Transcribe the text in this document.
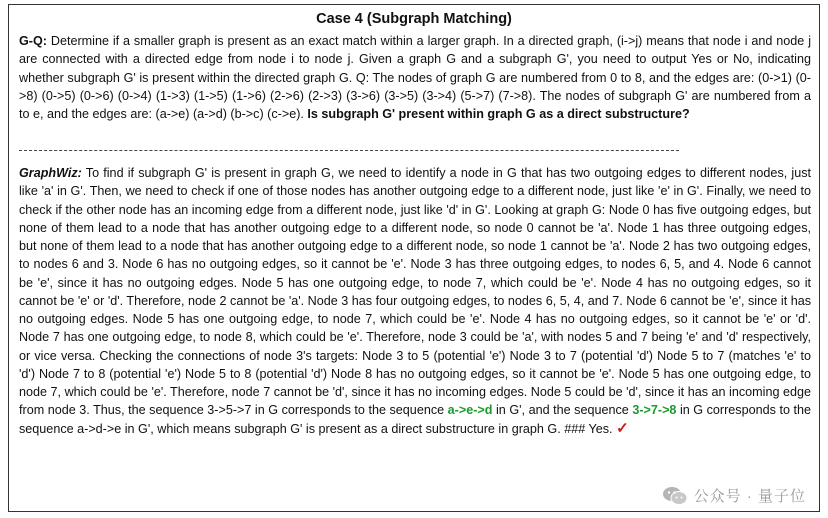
Case 4 (Subgraph Matching)
G-Q: Determine if a smaller graph is present as an exact match within a larger graph. In a directed graph, (i->j) means that node i and node j are connected with a directed edge from node i to node j. Given a graph G and a subgraph G', you need to output Yes or No, indicating whether subgraph G' is present within the directed graph G. Q: The nodes of graph G are numbered from 0 to 8, and the edges are: (0->1) (0->8) (0->5) (0->6) (0->4) (1->3) (1->5) (1->6) (2->6) (2->3) (3->6) (3->5) (3->4) (5->7) (7->8). The nodes of subgraph G' are numbered from a to e, and the edges are: (a->e) (a->d) (b->c) (c->e). Is subgraph G' present within graph G as a direct substructure?
GraphWiz: To find if subgraph G' is present in graph G, we need to identify a node in G that has two outgoing edges to different nodes, just like 'a' in G'. Then, we need to check if one of those nodes has another outgoing edge to a different node, just like 'e' in G'. Finally, we need to check if the other node has an incoming edge from a different node, just like 'd' in G'. Looking at graph G: Node 0 has five outgoing edges, but none of them lead to a node that has another outgoing edge to a different node, so node 0 cannot be 'a'. Node 1 has three outgoing edges, but none of them lead to a node that has another outgoing edge to a different node, so node 1 cannot be 'a'. Node 2 has two outgoing edges, to nodes 6 and 3. Node 6 has no outgoing edges, so it cannot be 'e'. Node 3 has three outgoing edges, to nodes 6, 5, and 4. Node 6 cannot be 'e', since it has no outgoing edges. Node 5 has one outgoing edge, to node 7, which could be 'e'. Node 4 has no outgoing edges, so it cannot be 'e' or 'd'. Therefore, node 2 cannot be 'a'. Node 3 has four outgoing edges, to nodes 6, 5, 4, and 7. Node 6 cannot be 'e', since it has no outgoing edges. Node 5 has one outgoing edge, to node 7, which could be 'e'. Node 4 has no outgoing edges, so it cannot be 'e' or 'd'. Node 7 has one outgoing edge, to node 8, which could be 'e'. Therefore, node 3 could be 'a', with nodes 5 and 7 being 'e' and 'd' respectively, or vice versa. Checking the connections of node 3's targets: Node 3 to 5 (potential 'e') Node 3 to 7 (potential 'd') Node 5 to 7 (matches 'e' to 'd') Node 7 to 8 (potential 'e') Node 5 to 8 (potential 'd') Node 8 has no outgoing edges, so it cannot be 'e'. Node 5 has one outgoing edge, to node 7, which could be 'e'. Therefore, node 7 cannot be 'd', since it has no incoming edges. Node 5 could be 'd', since it has an incoming edge from node 3. Thus, the sequence 3->5->7 in G corresponds to the sequence a->e->d in G', and the sequence 3->7->8 in G corresponds to the sequence a->d->e in G', which means subgraph G' is present as a direct substructure in graph G. ### Yes. ✓
公众号 · 量子位
